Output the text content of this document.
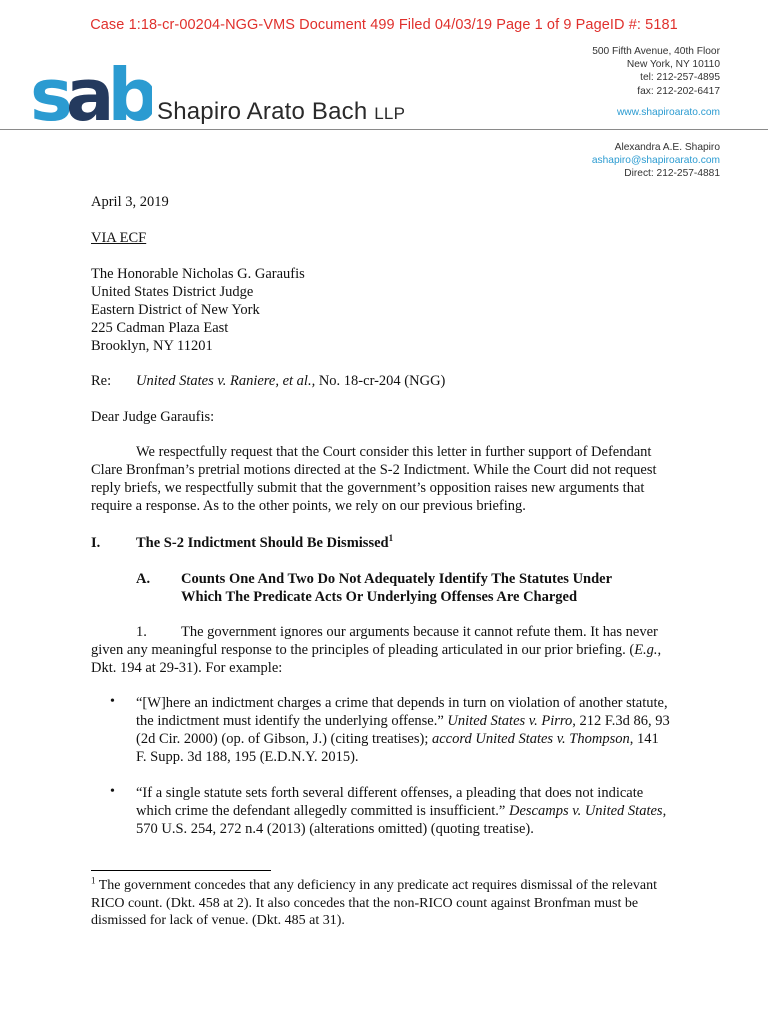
Case 1:18-cr-00204-NGG-VMS Document 499 Filed 04/03/19 Page 1 of 9 PageID #: 5181
sab Shapiro Arato Bach LLP
500 Fifth Avenue, 40th Floor
New York, NY 10110
tel: 212-257-4895
fax: 212-202-6417
www.shapiroarato.com
Alexandra A.E. Shapiro
ashapiro@shapiroarato.com
Direct: 212-257-4881
April 3, 2019
VIA ECF
The Honorable Nicholas G. Garaufis
United States District Judge
Eastern District of New York
225 Cadman Plaza East
Brooklyn, NY 11201
Re: United States v. Raniere, et al., No. 18-cr-204 (NGG)
Dear Judge Garaufis:

We respectfully request that the Court consider this letter in further support of Defendant Clare Bronfman’s pretrial motions directed at the S-2 Indictment. While the Court did not request reply briefs, we respectfully submit that the government’s opposition raises new arguments that require a response. As to the other points, we rely on our previous briefing.

I. The S-2 Indictment Should Be Dismissed$^1$
A. Counts One And Two Do Not Adequately Identify The Statutes Under
Which The Predicate Acts Or Underlying Offenses Are Charged

1. The government ignores our arguments because it cannot refute them. It has never given any meaningful response to the principles of pleading articulated in our prior briefing. (E.g., Dkt. 194 at 29-31). For example:

• “[W]here an indictment charges a crime that depends in turn on violation of another statute, the indictment must identify the underlying offense.” United States v. Pirro, 212 F.3d 86, 93 (2d Cir. 2000) (op. of Gibson, J.) (citing treatises); accord United States v. Thompson, 141 F. Supp. 3d 188, 195 (E.D.N.Y. 2015).

• “If a single statute sets forth several different offenses, a pleading that does not indicate which crime the defendant allegedly committed is insufficient.” Descamps v. United States, 570 U.S. 254, 272 n.4 (2013) (alterations omitted) (quoting treatise).

$^1$ The government concedes that any deficiency in any predicate act requires dismissal of the relevant RICO count. (Dkt. 458 at 2). It also concedes that the non-RICO count against Bronfman must be dismissed for lack of venue. (Dkt. 485 at 31).
